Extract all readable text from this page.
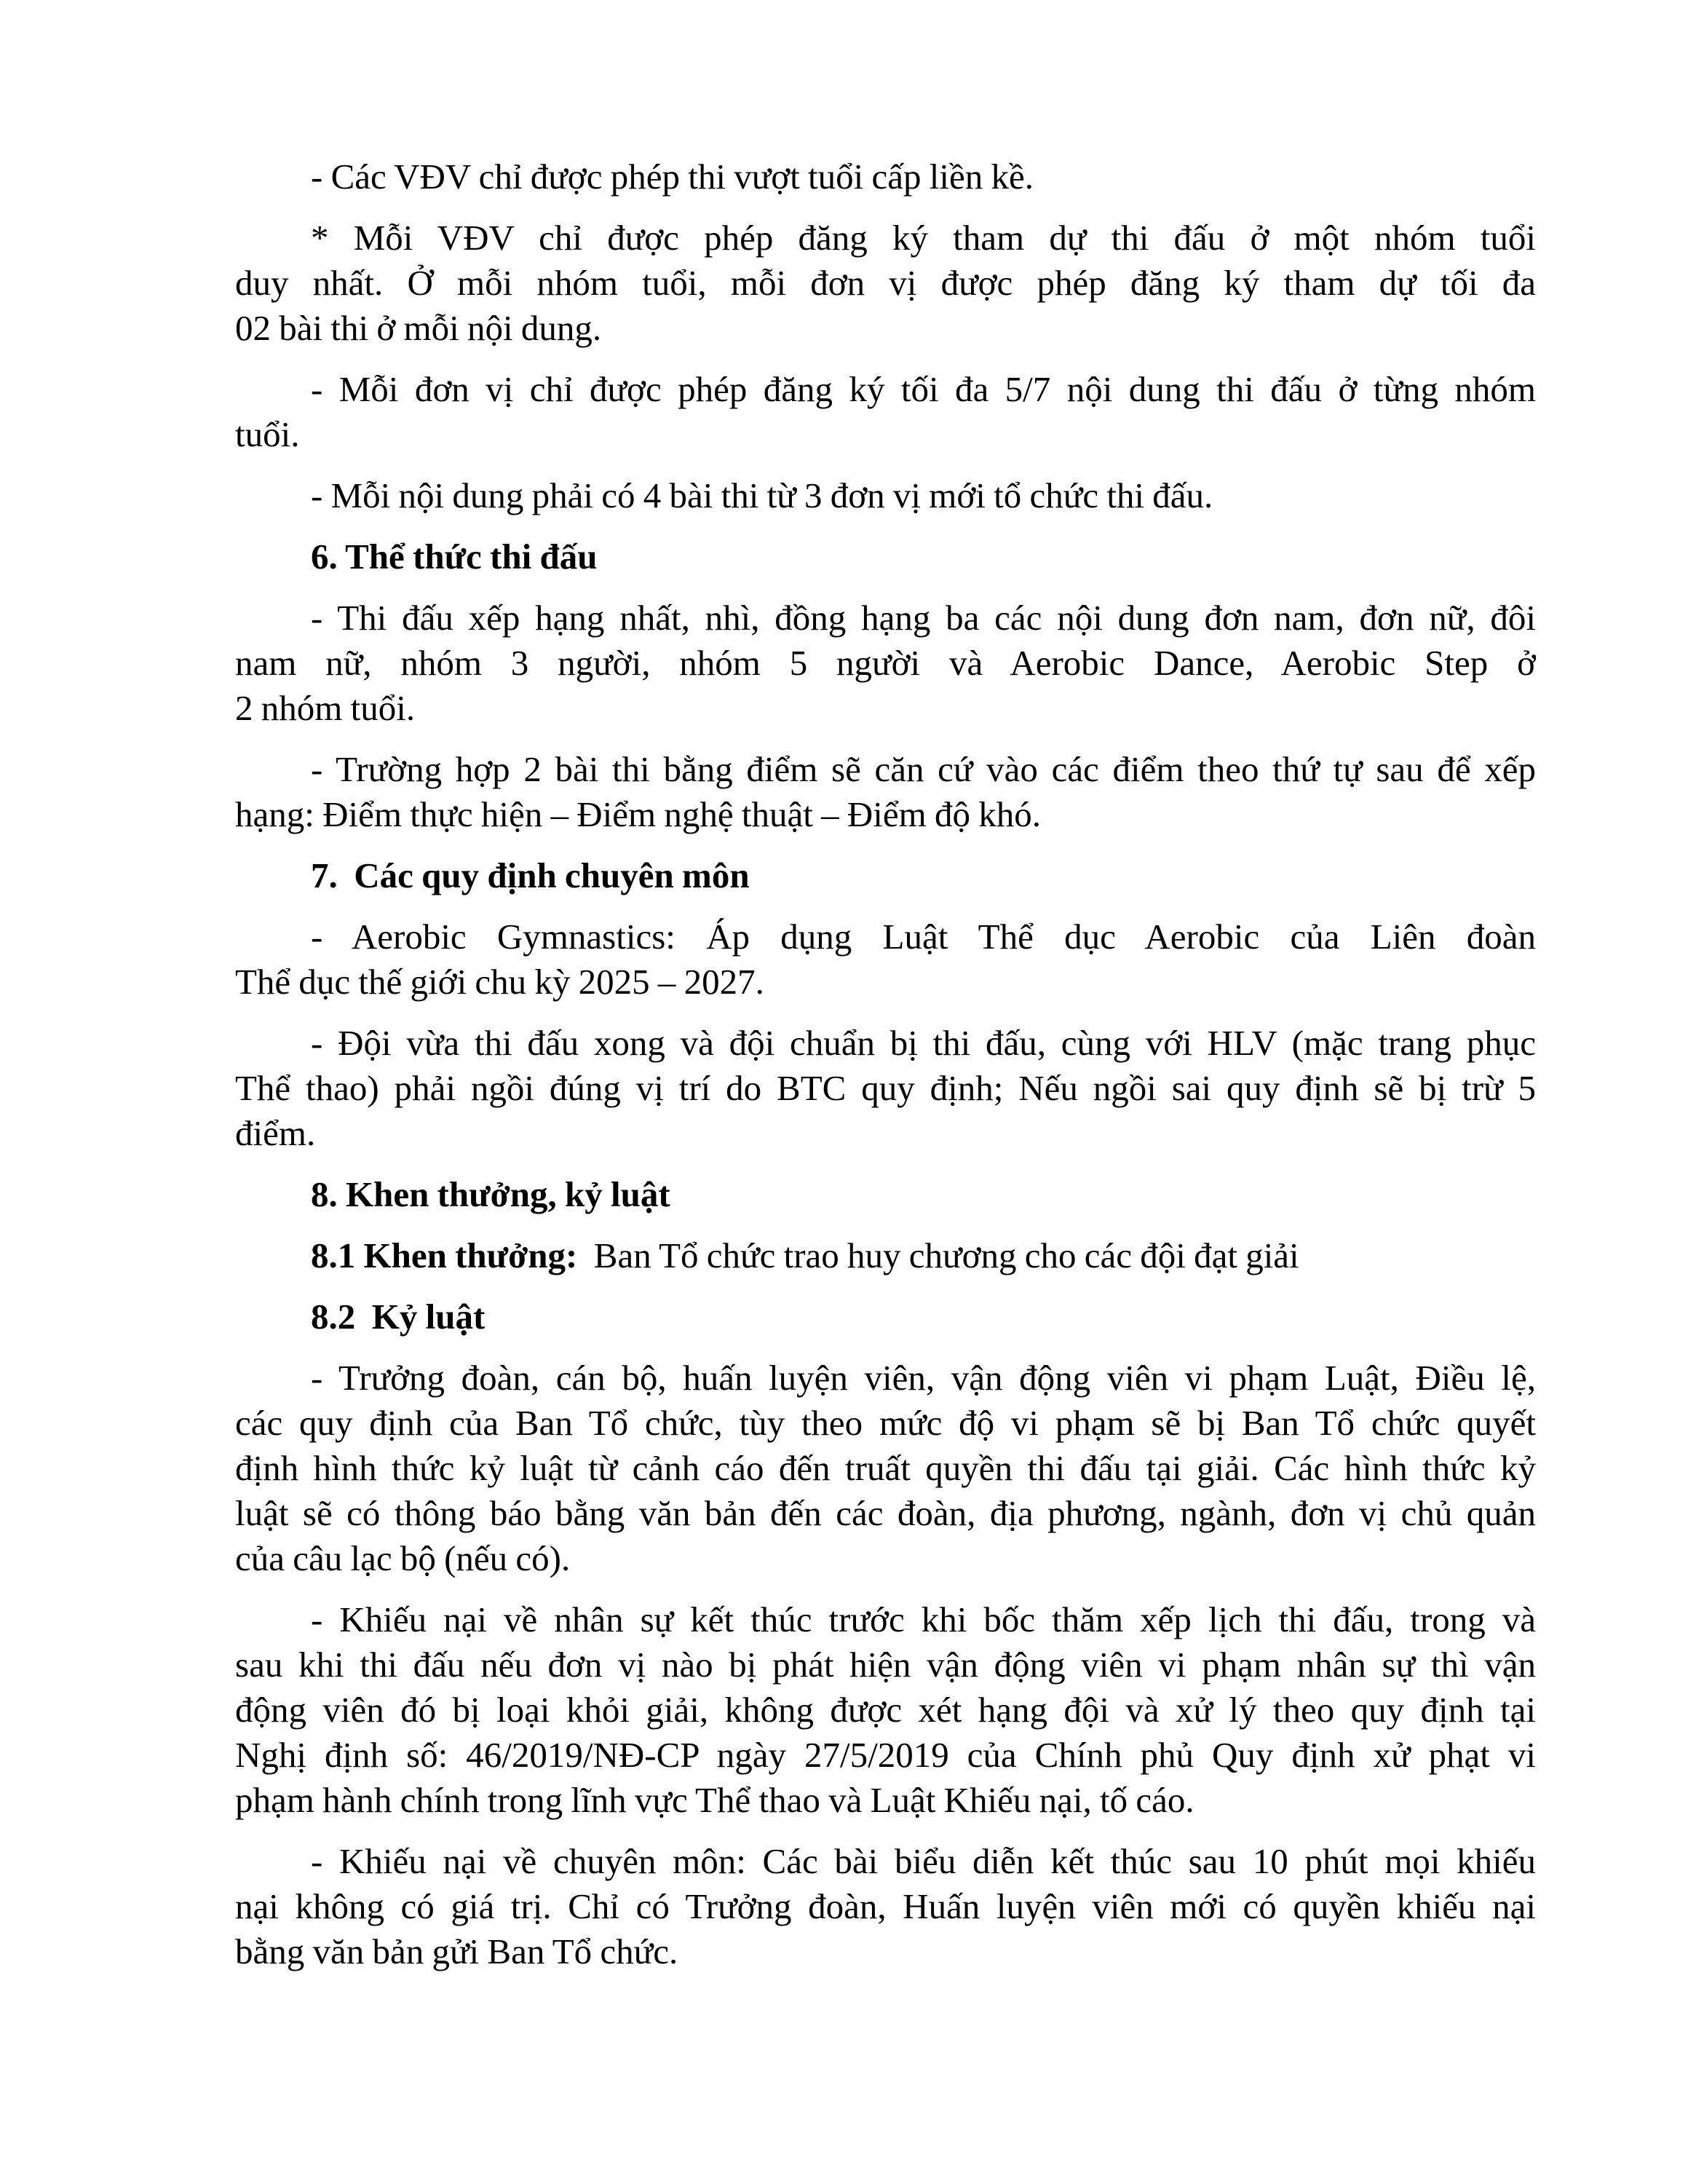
- Các VĐV chỉ được phép thi vượt tuổi cấp liền kề.
* Mỗi VĐV chỉ được phép đăng ký tham dự thi đấu ở một nhóm tuổi
duy nhất. Ở mỗi nhóm tuổi, mỗi đơn vị được phép đăng ký tham dự tối đa
02 bài thi ở mỗi nội dung.
- Mỗi đơn vị chỉ được phép đăng ký tối đa 5/7 nội dung thi đấu ở từng nhóm
tuổi.
- Mỗi nội dung phải có 4 bài thi từ 3 đơn vị mới tổ chức thi đấu.
6. Thể thức thi đấu
- Thi đấu xếp hạng nhất, nhì, đồng hạng ba các nội dung đơn nam, đơn nữ, đôi
nam nữ, nhóm 3 người, nhóm 5 người và Aerobic Dance, Aerobic Step ở
2 nhóm tuổi.
- Trường hợp 2 bài thi bằng điểm sẽ căn cứ vào các điểm theo thứ tự sau để xếp
hạng: Điểm thực hiện – Điểm nghệ thuật – Điểm độ khó.
7.  Các quy định chuyên môn
- Aerobic Gymnastics: Áp dụng Luật Thể dục Aerobic của Liên đoàn
Thể dục thế giới chu kỳ 2025 – 2027.
- Đội vừa thi đấu xong và đội chuẩn bị thi đấu, cùng với HLV (mặc trang phục
Thể thao) phải ngồi đúng vị trí do BTC quy định; Nếu ngồi sai quy định sẽ bị trừ 5
điểm.
8. Khen thưởng, kỷ luật
8.1 Khen thưởng:  Ban Tổ chức trao huy chương cho các đội đạt giải
8.2  Kỷ luật
- Trưởng đoàn, cán bộ, huấn luyện viên, vận động viên vi phạm Luật, Điều lệ,
các quy định của Ban Tổ chức, tùy theo mức độ vi phạm sẽ bị Ban Tổ chức quyết
định hình thức kỷ luật từ cảnh cáo đến truất quyền thi đấu tại giải. Các hình thức kỷ
luật sẽ có thông báo bằng văn bản đến các đoàn, địa phương, ngành, đơn vị chủ quản
của câu lạc bộ (nếu có).
- Khiếu nại về nhân sự kết thúc trước khi bốc thăm xếp lịch thi đấu, trong và
sau khi thi đấu nếu đơn vị nào bị phát hiện vận động viên vi phạm nhân sự thì vận
động viên đó bị loại khỏi giải, không được xét hạng đội và xử lý theo quy định tại
Nghị định số: 46/2019/NĐ-CP ngày 27/5/2019 của Chính phủ Quy định xử phạt vi
phạm hành chính trong lĩnh vực Thể thao và Luật Khiếu nại, tố cáo.
- Khiếu nại về chuyên môn: Các bài biểu diễn kết thúc sau 10 phút mọi khiếu
nại không có giá trị. Chỉ có Trưởng đoàn, Huấn luyện viên mới có quyền khiếu nại
bằng văn bản gửi Ban Tổ chức.
